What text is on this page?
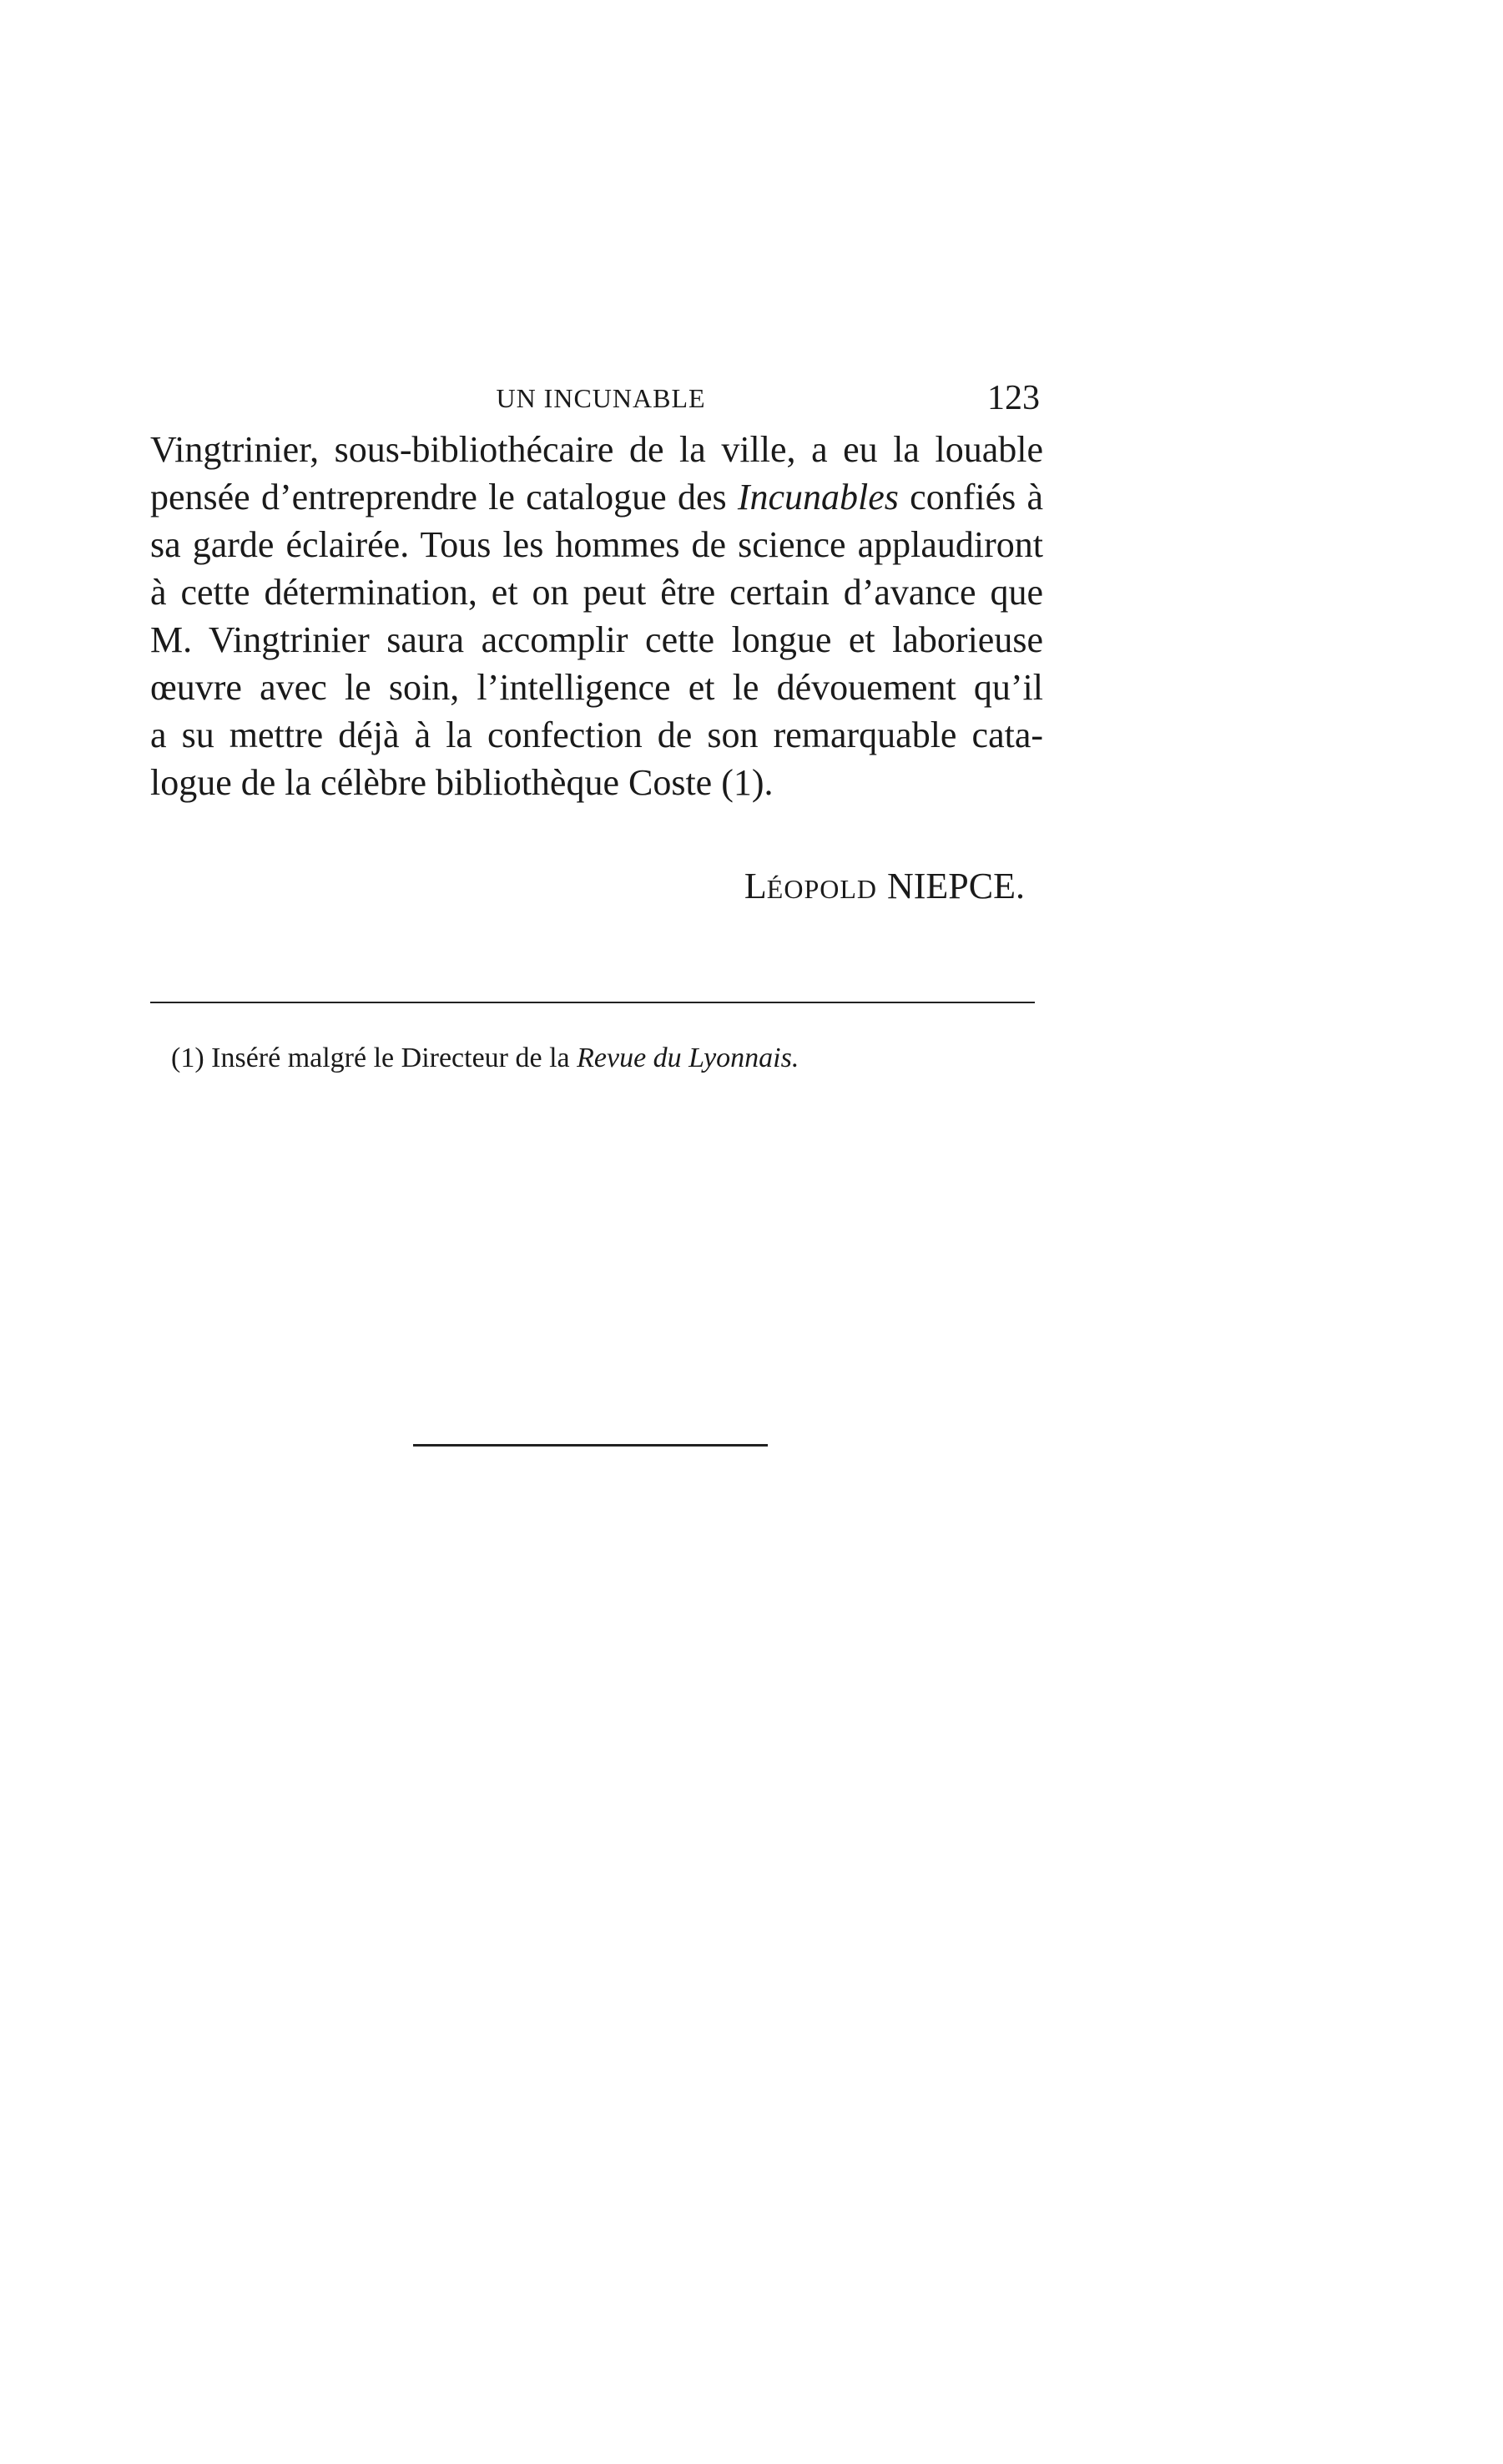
UN INCUNABLE	123
Vingtrinier, sous-bibliothécaire de la ville, a eu la louable
pensée d’entreprendre le catalogue des Incunables confiés à
sa garde éclairée. Tous les hommes de science applaudiront
à cette détermination, et on peut être certain d’avance que
M. Vingtrinier saura accomplir cette longue et laborieuse
œuvre avec le soin, l’intelligence et le dévouement qu’il
a su mettre déjà à la confection de son remarquable cata-
logue de la célèbre bibliothèque Coste (1).
LÉOPOLD NIEPCE.
(1) Inséré malgré le Directeur de la Revue du Lyonnais.
